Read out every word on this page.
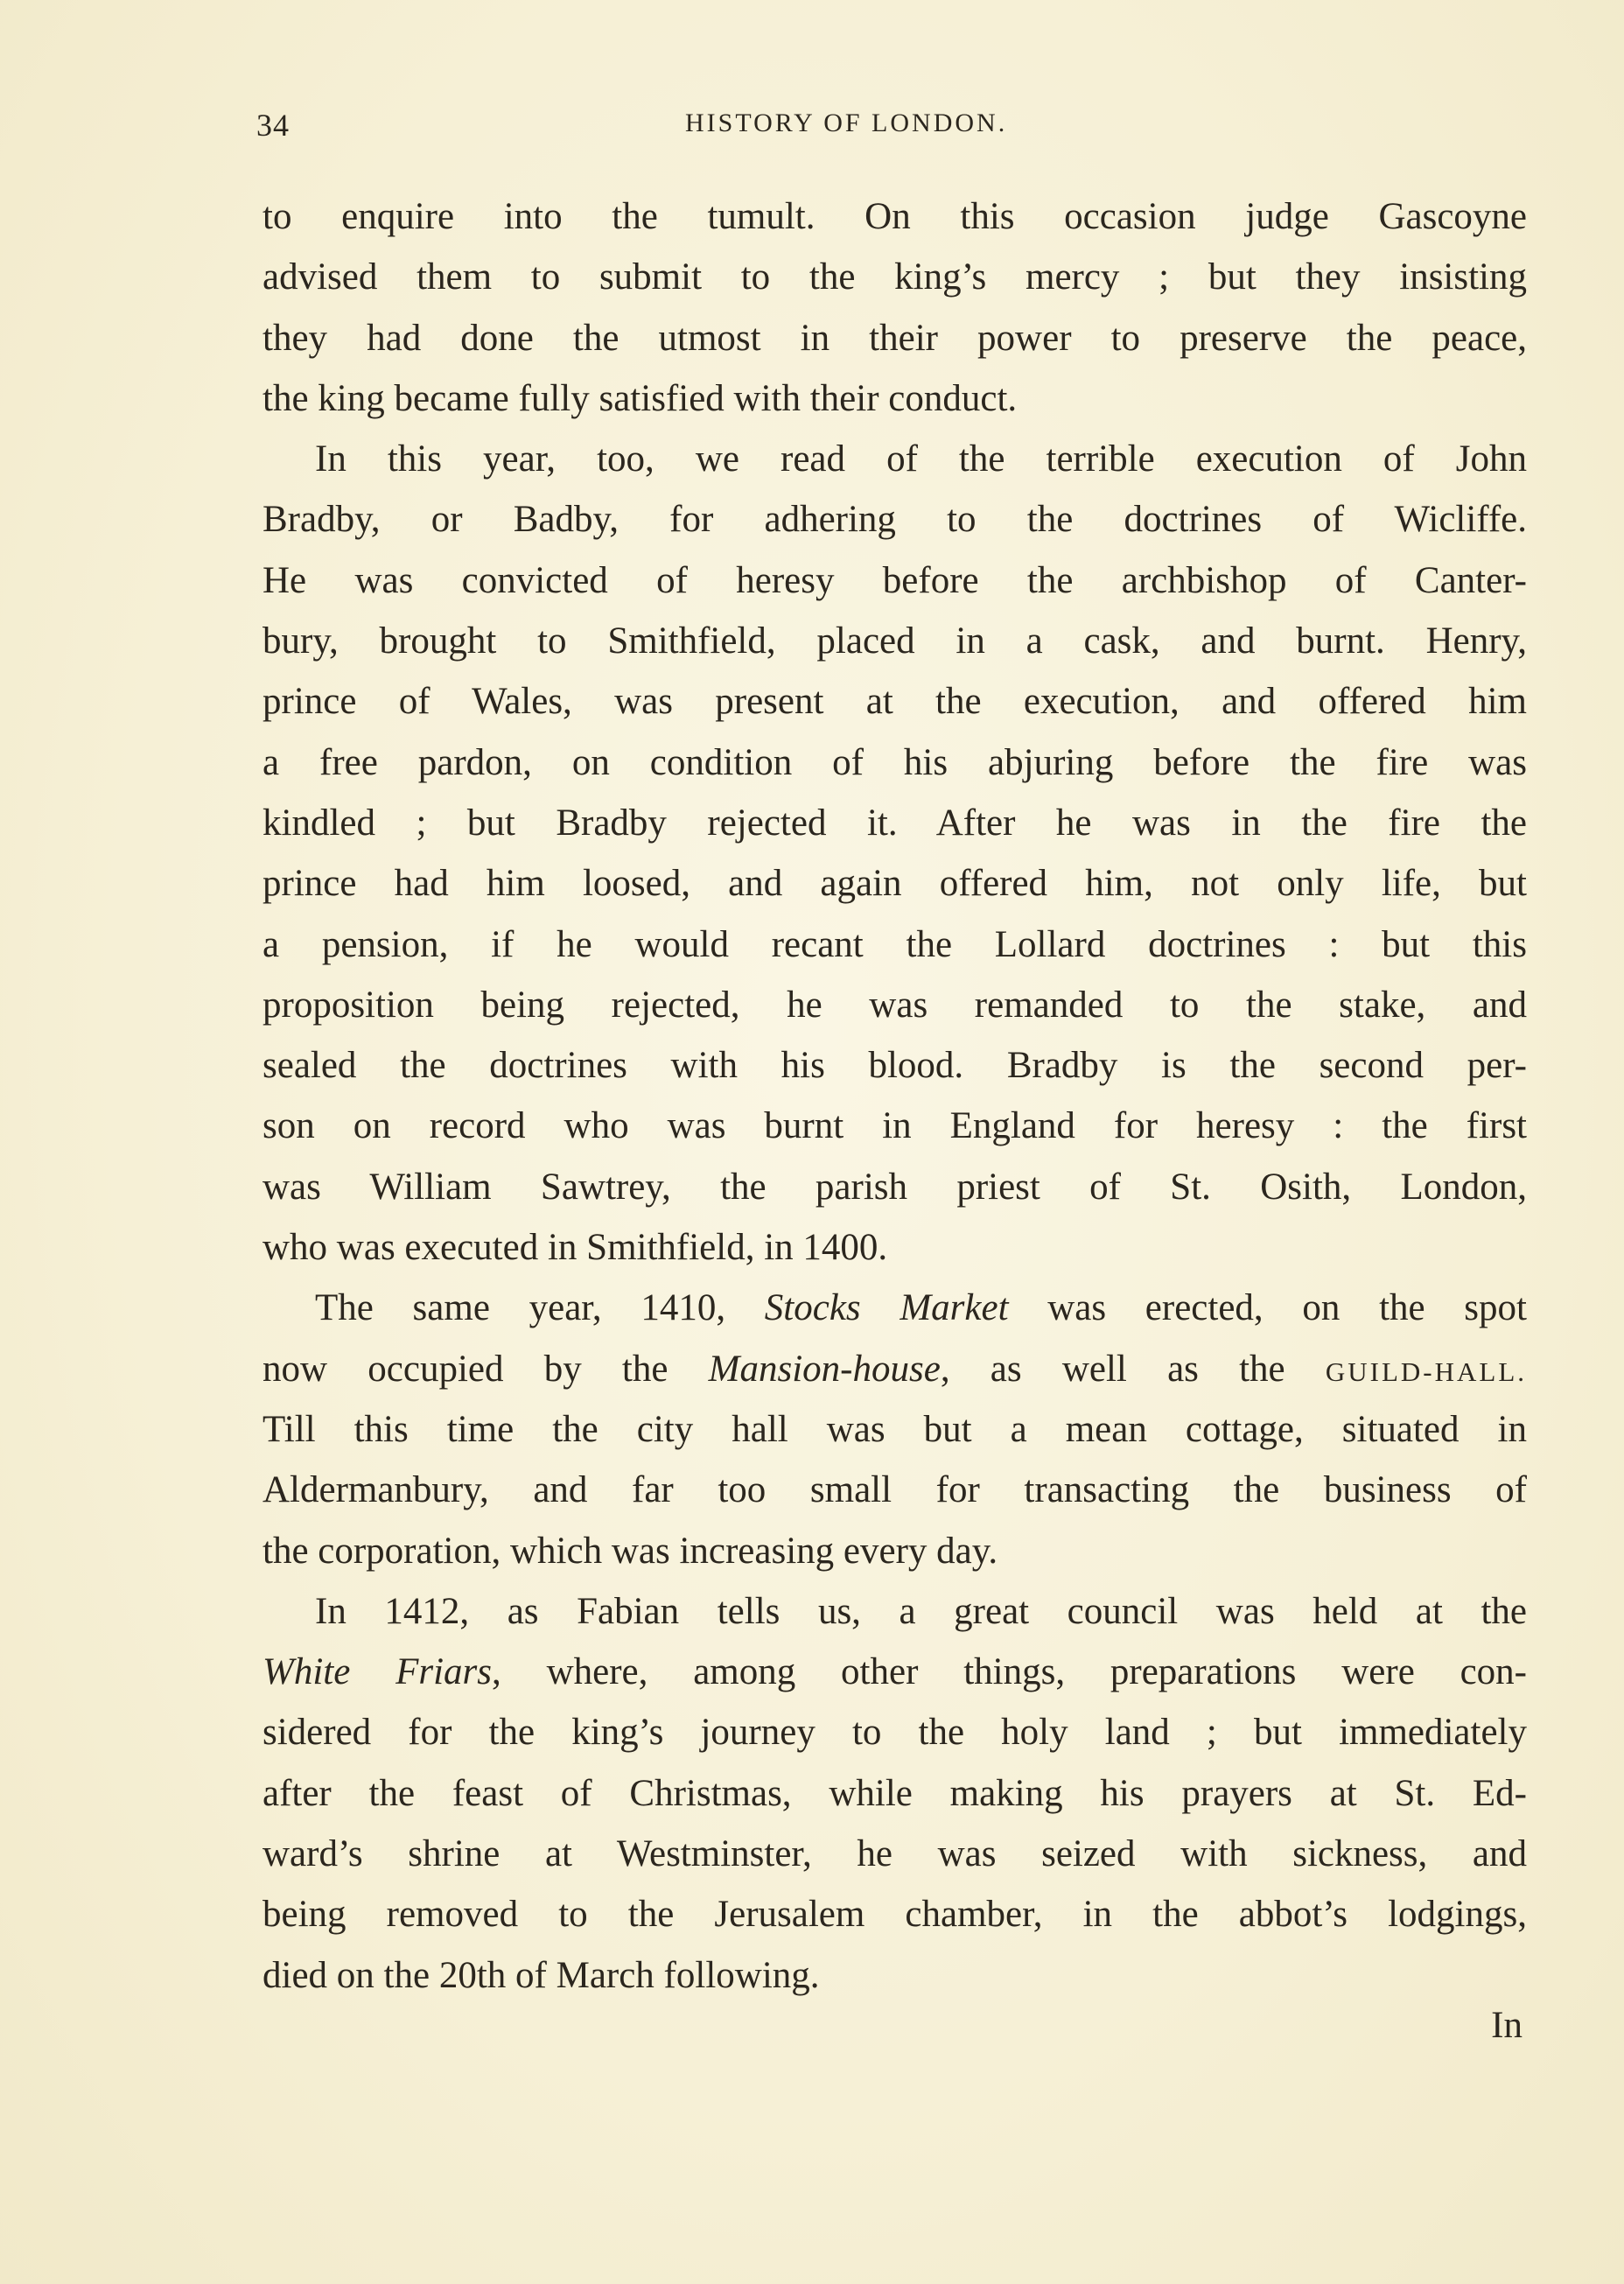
34	HISTORY OF LONDON.
to enquire into the tumult. On this occasion judge Gascoyne
advised them to submit to the king’s mercy ; but they insisting
they had done the utmost in their power to preserve the peace,
the king became fully satisfied with their conduct.
In this year, too, we read of the terrible execution of John
Bradby, or Badby, for adhering to the doctrines of Wicliffe.
He was convicted of heresy before the archbishop of Canter-
bury, brought to Smithfield, placed in a cask, and burnt. Henry,
prince of Wales, was present at the execution, and offered him
a free pardon, on condition of his abjuring before the fire was
kindled ; but Bradby rejected it. After he was in the fire the
prince had him loosed, and again offered him, not only life, but
a pension, if he would recant the Lollard doctrines : but this
proposition being rejected, he was remanded to the stake, and
sealed the doctrines with his blood. Bradby is the second per-
son on record who was burnt in England for heresy : the first
was William Sawtrey, the parish priest of St. Osith, London,
who was executed in Smithfield, in 1400.
The same year, 1410, Stocks Market was erected, on the spot
now occupied by the Mansion-house, as well as the GUILD-HALL.
Till this time the city hall was but a mean cottage, situated in
Aldermanbury, and far too small for transacting the business of
the corporation, which was increasing every day.
In 1412, as Fabian tells us, a great council was held at the
White Friars, where, among other things, preparations were con-
sidered for the king’s journey to the holy land ; but immediately
after the feast of Christmas, while making his prayers at St. Ed-
ward’s shrine at Westminster, he was seized with sickness, and
being removed to the Jerusalem chamber, in the abbot’s lodgings,
died on the 20th of March following.
In
